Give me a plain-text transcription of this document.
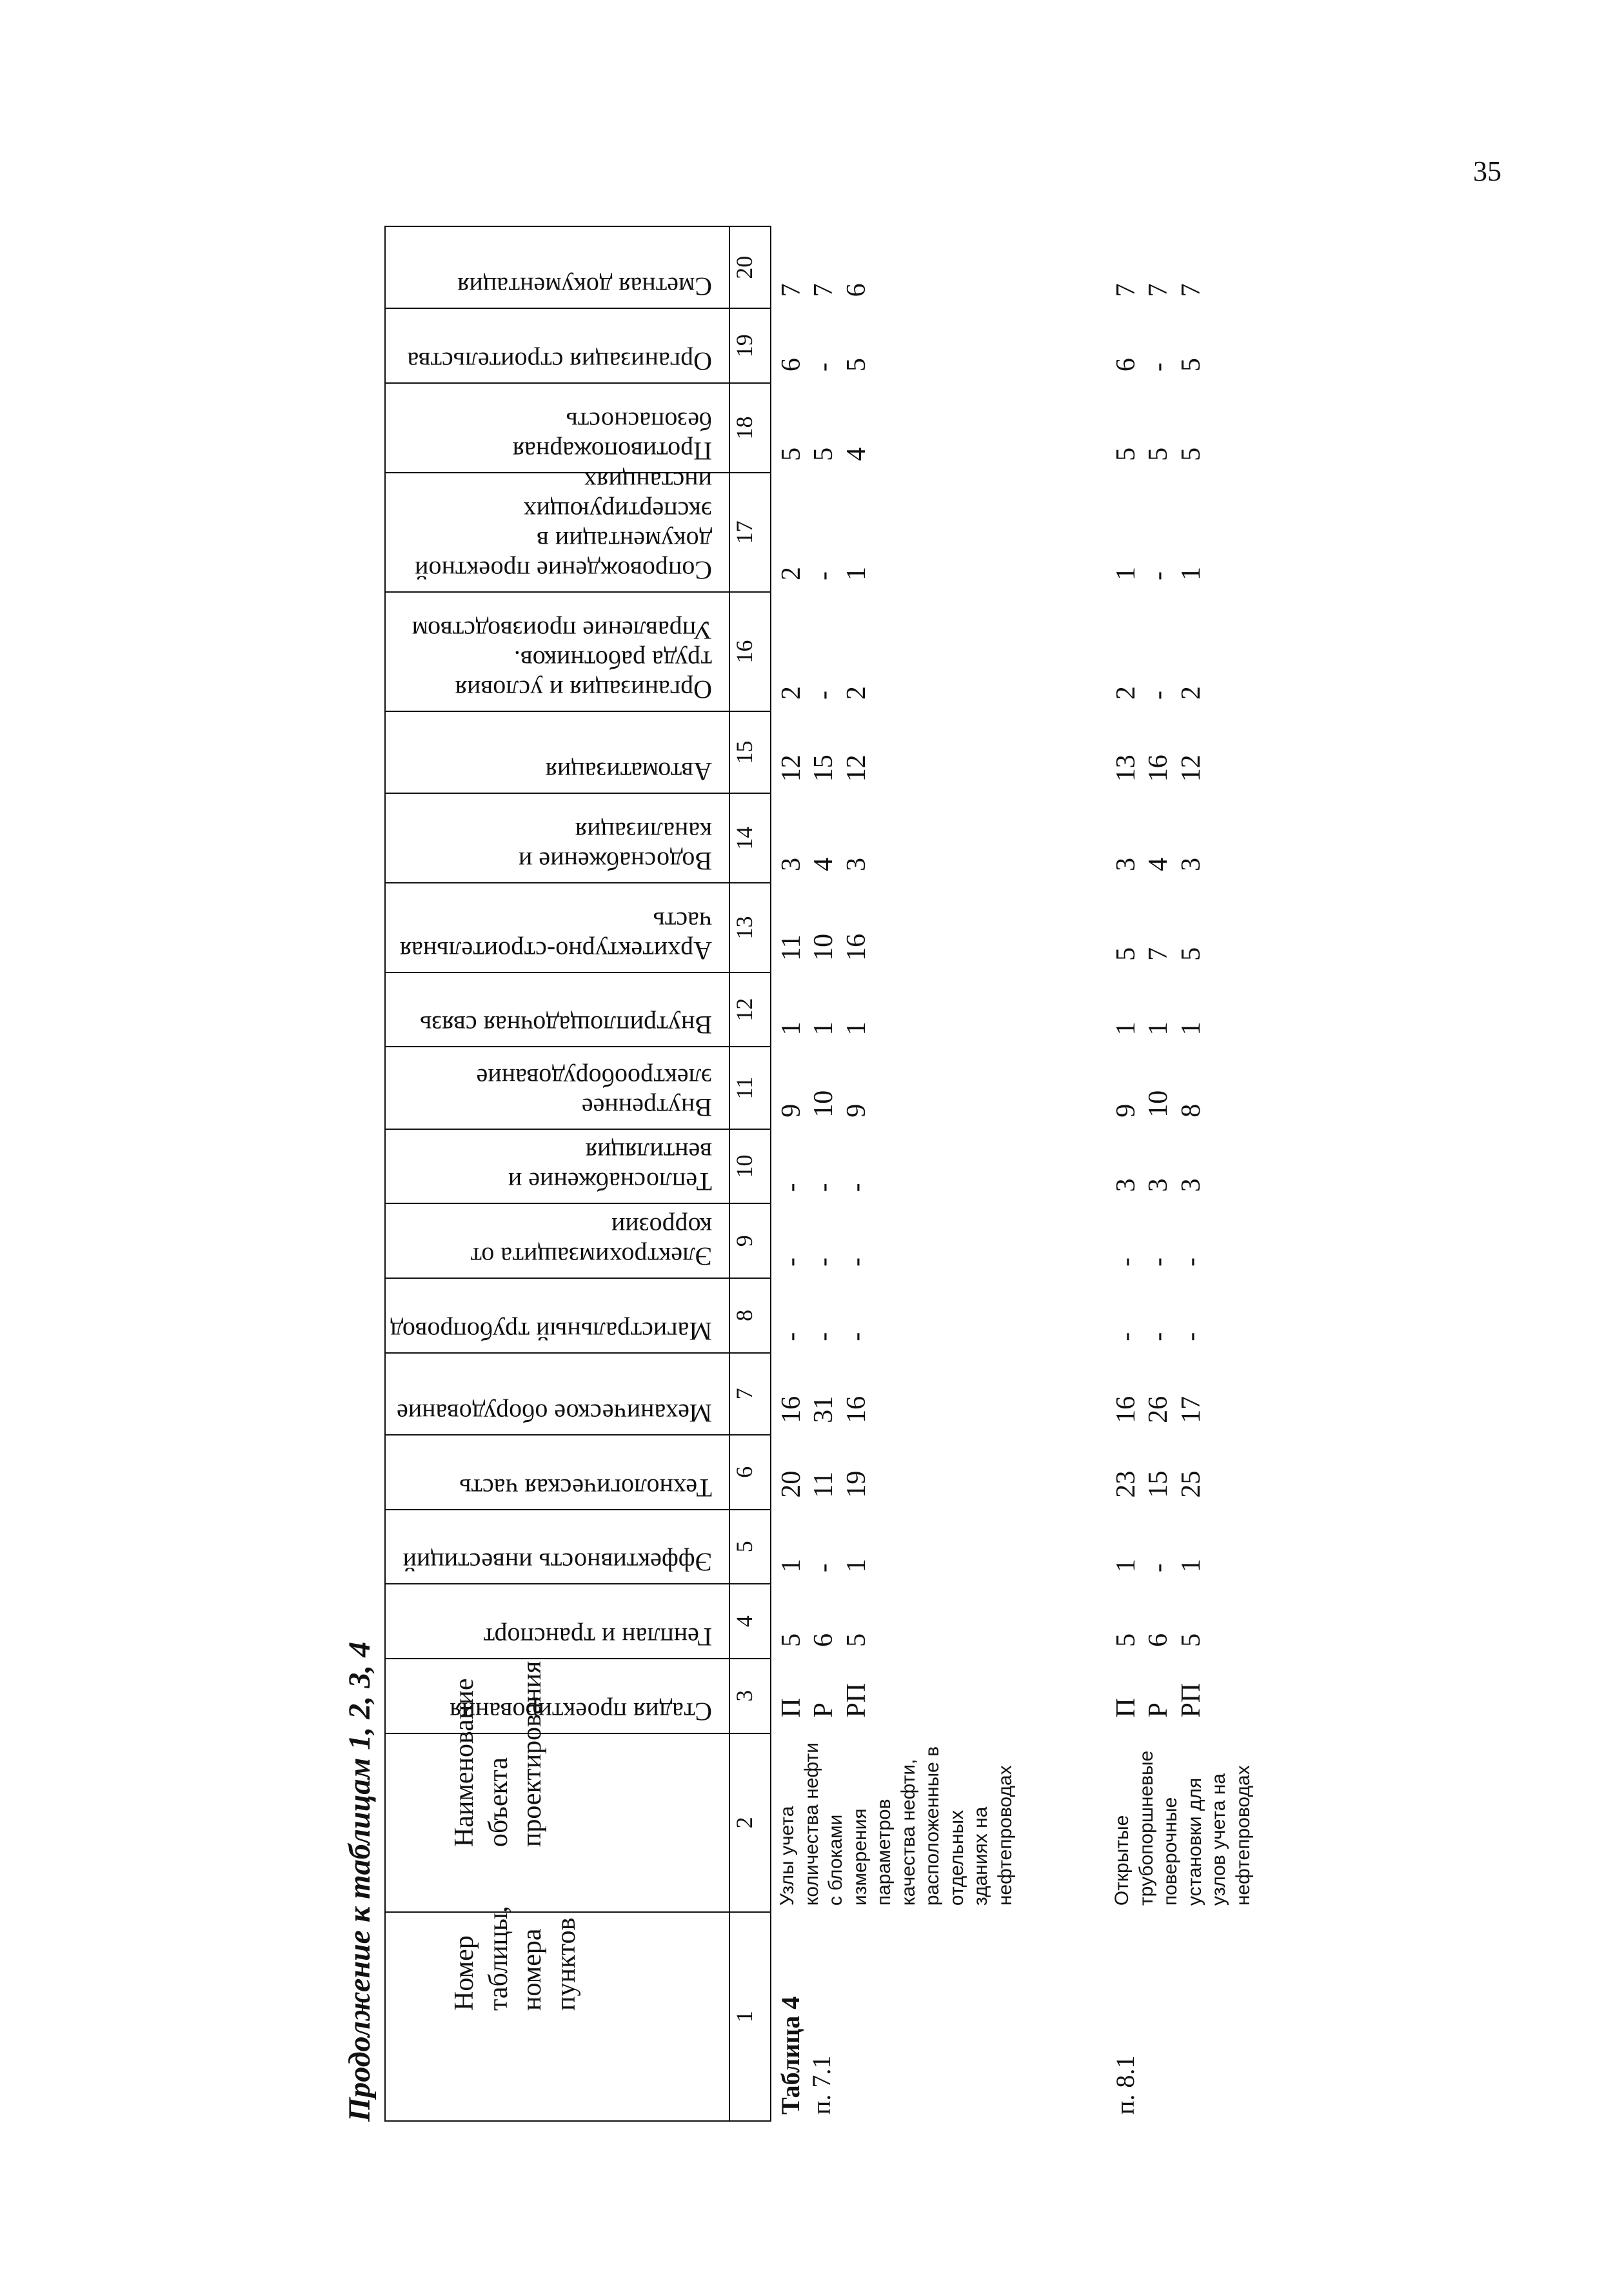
35
Продолжение к таблицам 1, 2, 3, 4	Номер таблицы, номера пунктов	Наименование объекта проектирования	Стадия проектирования	Генплан и транспорт	Эффективность инвестиций	Технологическая часть	Механическое оборудование	Магистральный трубопровод	Электрохимзащита от коррозии	Теплоснабжение и вентиляция	Внутреннее электрооборудование	Внутриплощадочная связь	Архитектурно-строительная часть	Водоснабжение и канализация	Автоматизация	Организация и условия труда работников. Управление производством	Сопровождение проектной документации в экспертирующих инстанциях	Противопожарная безопасность	Организация строительства	Сметная документация

1	2	3	4	5	6	7	8	9	10	11	12	13	14	15	16	17	18	19	20

Таблица 4
п. 7.1	Узлы учета количества нефти с блоками измерения параметров качества нефти, расположенные в отдельных зданиях на нефтепроводах	П Р РП	5 6 5	1 - 1	20 11 19	16 31 16	- - -	- - -	- - -	9 10 9	1 1 1	11 10 16	3 4 3	12 15 12	2 - 2	2 - 1	5 5 4	6 - 5	7 7 6

п. 8.1	Открытые трубопоршневые поверочные установки для узлов учета на нефтепроводах	П Р РП	5 6 5	1 - 1	23 15 25	16 26 17	- - -	- - -	3 3 3	9 10 8	1 1 1	5 7 5	3 4 3	13 16 12	2 - 2	1 - 1	5 5 5	6 - 5	7 7 7
